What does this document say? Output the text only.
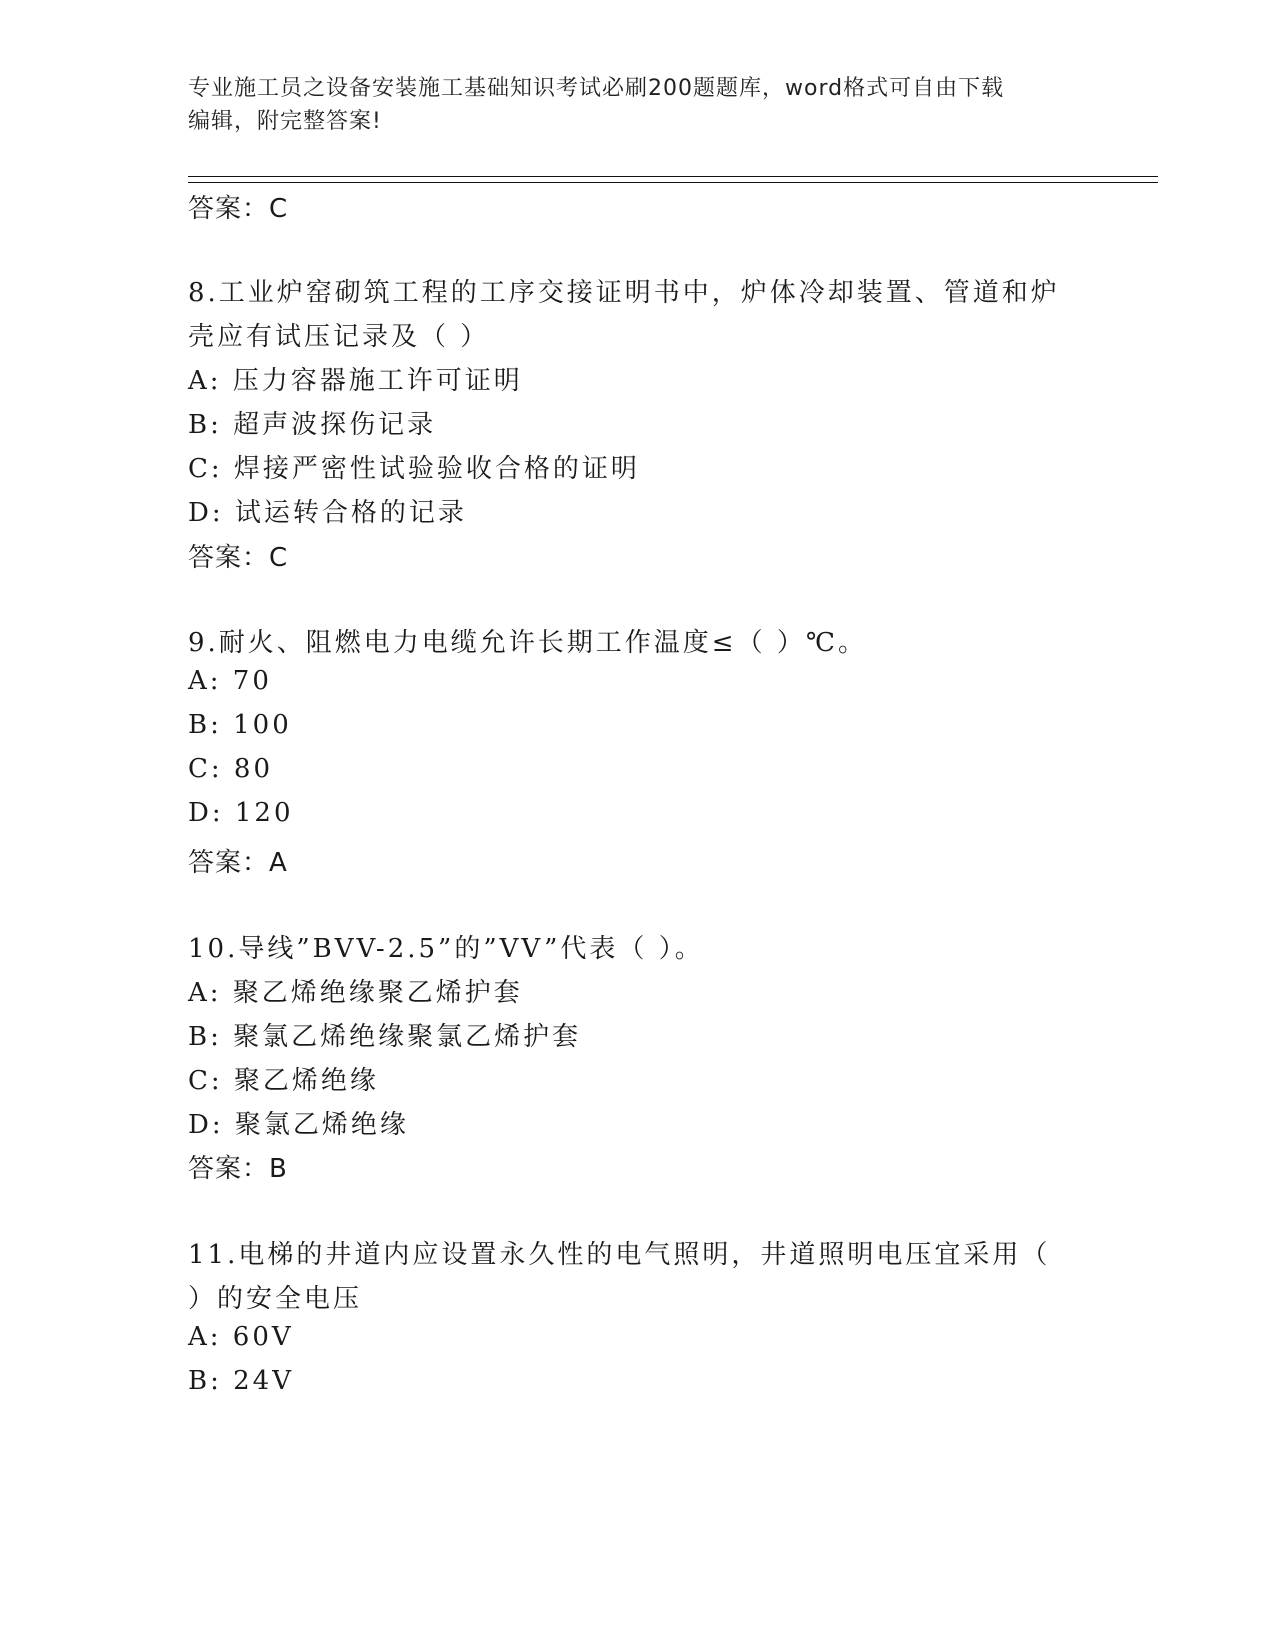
专业施工员之设备安装施工基础知识考试必刷200题题库，word格式可自由下载
编辑，附完整答案!
答案：C
8.工业炉窑砌筑工程的工序交接证明书中，炉体冷却装置、管道和炉
壳应有试压记录及（ ）
A: 压力容器施工许可证明
B: 超声波探伤记录
C: 焊接严密性试验验收合格的证明
D: 试运转合格的记录
答案：C
9.耐火、阻燃电力电缆允许长期工作温度≤（ ）℃。
A: 70
B: 100
C: 80
D: 120
答案：A
10.导线”BVV-2.5”的”VV”代表（ ）。
A: 聚乙烯绝缘聚乙烯护套
B: 聚氯乙烯绝缘聚氯乙烯护套
C: 聚乙烯绝缘
D: 聚氯乙烯绝缘
答案：B
11.电梯的井道内应设置永久性的电气照明，井道照明电压宜采用（
）的安全电压
A: 60V
B: 24V
